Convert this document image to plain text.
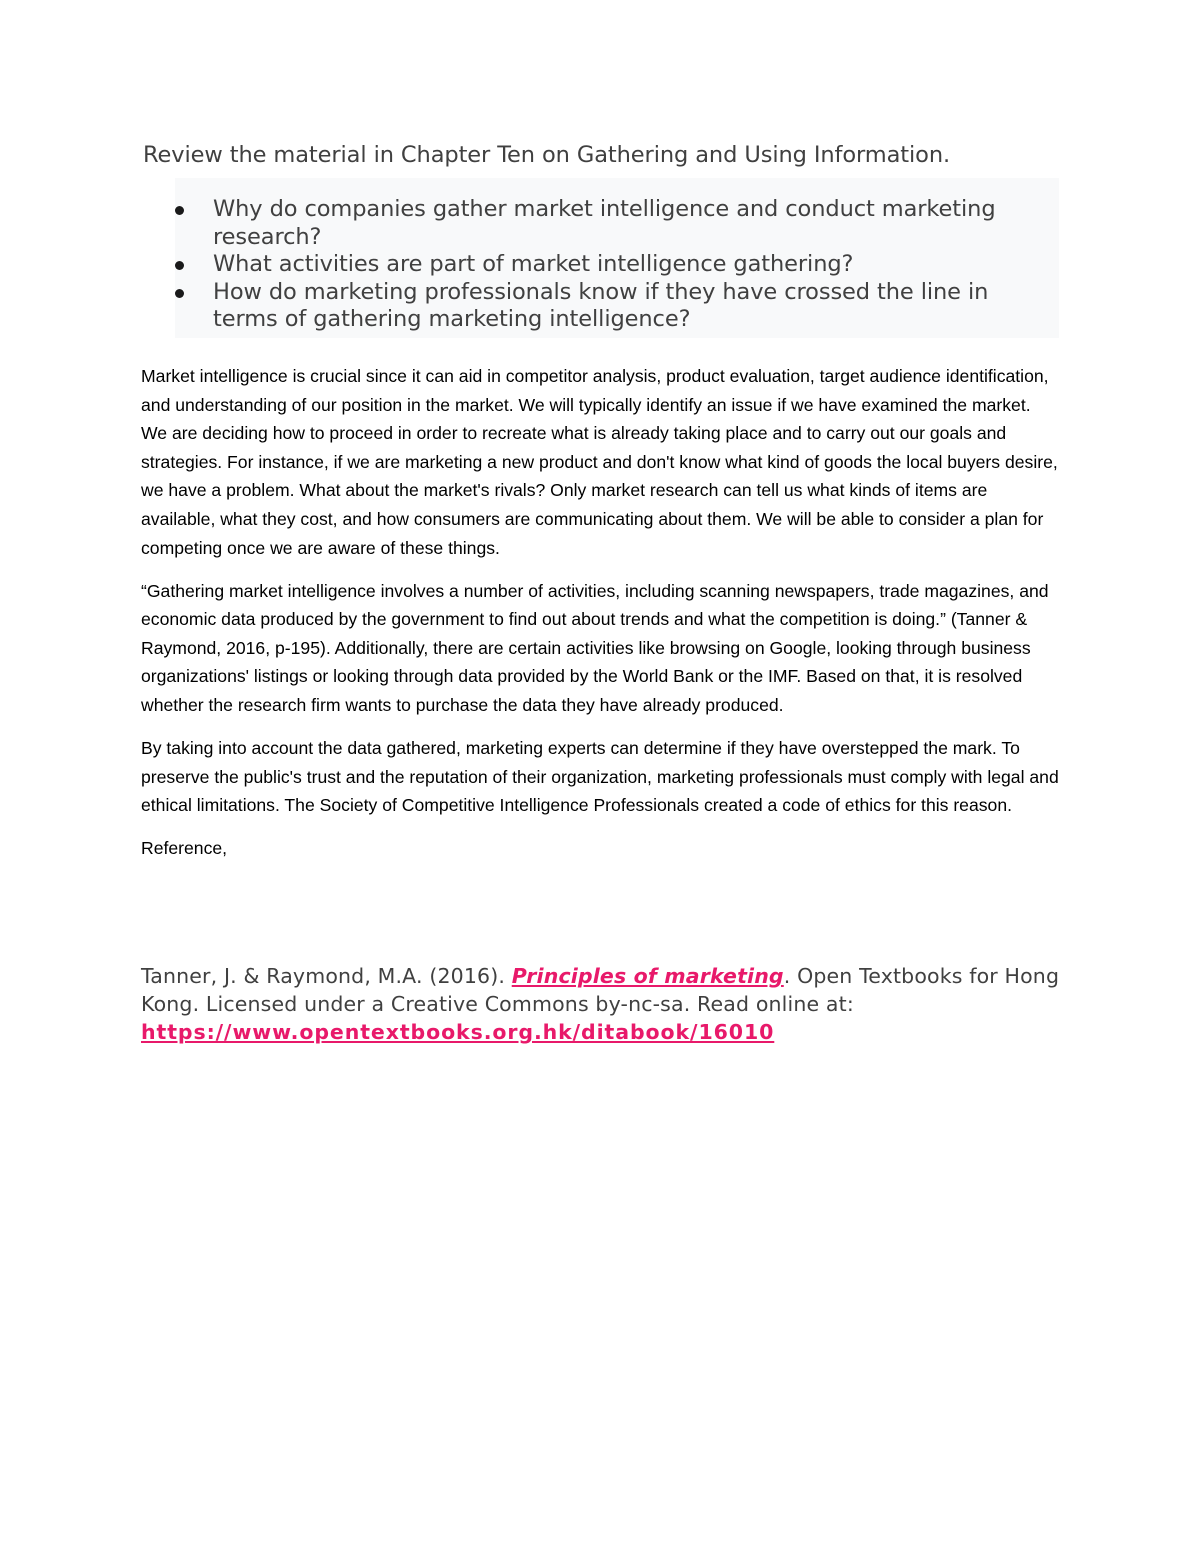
Review the material in Chapter Ten on Gathering and Using Information.

Why do companies gather market intelligence and conduct marketing research?
What activities are part of market intelligence gathering?
How do marketing professionals know if they have crossed the line in terms of gathering marketing intelligence?

Market intelligence is crucial since it can aid in competitor analysis, product evaluation, target audience identification, and understanding of our position in the market. We will typically identify an issue if we have examined the market. We are deciding how to proceed in order to recreate what is already taking place and to carry out our goals and strategies. For instance, if we are marketing a new product and don't know what kind of goods the local buyers desire, we have a problem. What about the market's rivals? Only market research can tell us what kinds of items are available, what they cost, and how consumers are communicating about them. We will be able to consider a plan for competing once we are aware of these things.

“Gathering market intelligence involves a number of activities, including scanning newspapers, trade magazines, and economic data produced by the government to find out about trends and what the competition is doing.” (Tanner & Raymond, 2016, p-195). Additionally, there are certain activities like browsing on Google, looking through business organizations' listings or looking through data provided by the World Bank or the IMF. Based on that, it is resolved whether the research firm wants to purchase the data they have already produced.

By taking into account the data gathered, marketing experts can determine if they have overstepped the mark. To preserve the public's trust and the reputation of their organization, marketing professionals must comply with legal and ethical limitations. The Society of Competitive Intelligence Professionals created a code of ethics for this reason.

Reference,

Tanner, J. & Raymond, M.A. (2016). Principles of marketing. Open Textbooks for Hong Kong. Licensed under a Creative Commons by-nc-sa. Read online at: https://www.opentextbooks.org.hk/ditabook/16010
